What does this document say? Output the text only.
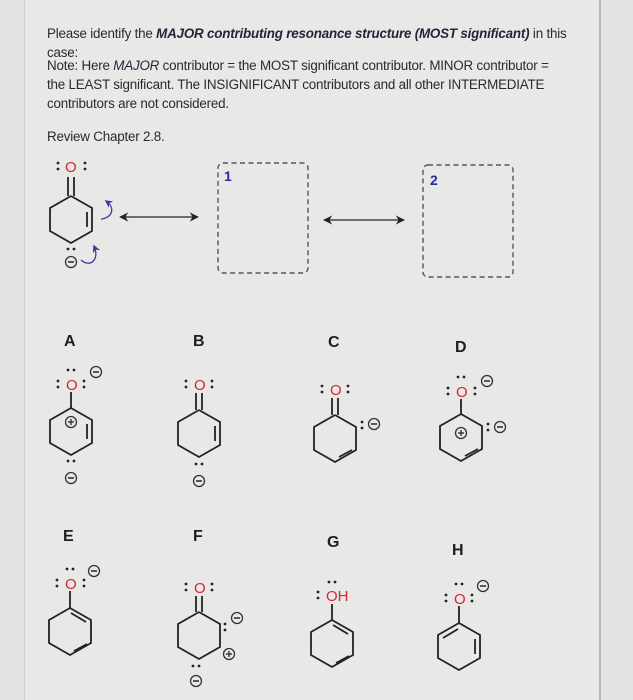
Please identify the MAJOR contributing resonance structure (MOST significant) in this case:
Note: Here MAJOR contributor = the MOST significant contributor. MINOR contributor =
the LEAST significant. The INSIGNIFICANT contributors and all other INTERMEDIATE
contributors are not considered.
Review Chapter 2.8.
O	1	2
A	B	C	D
E	F	G	H
O	O	O	O
O	O	OH	O
